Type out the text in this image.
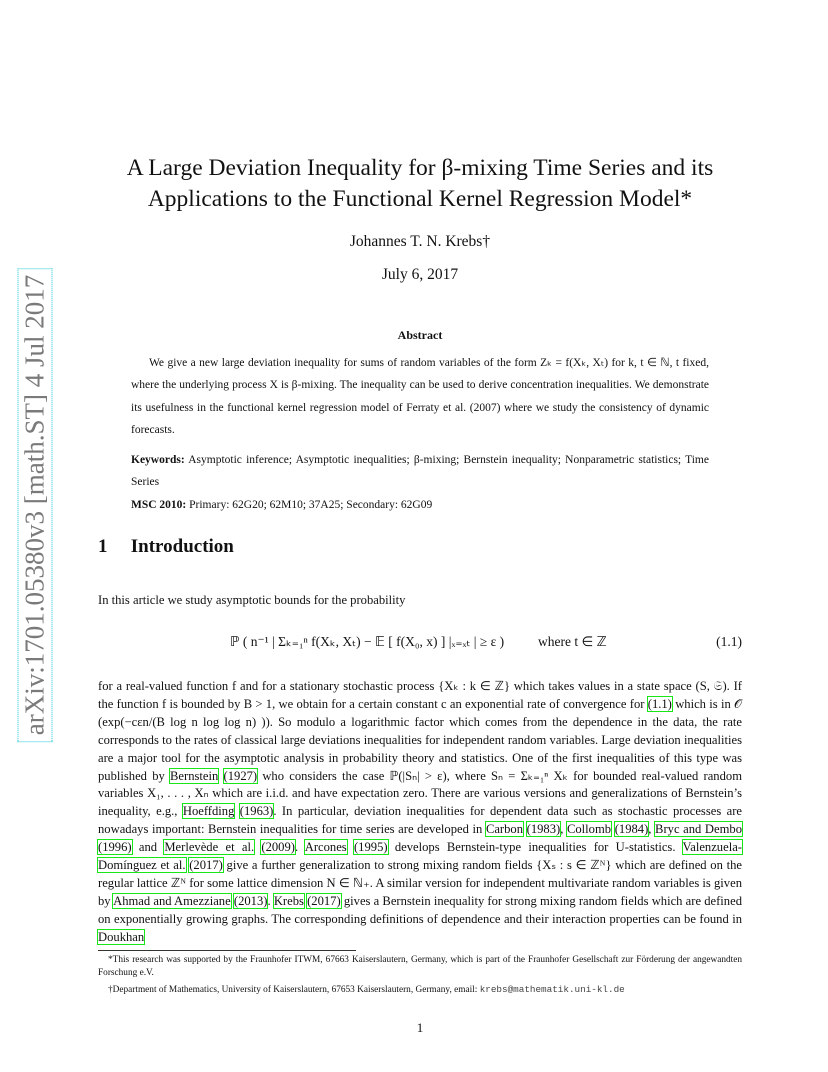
arXiv:1701.05380v3 [math.ST] 4 Jul 2017
A Large Deviation Inequality for β-mixing Time Series and its
Applications to the Functional Kernel Regression Model*
Johannes T. N. Krebs†
July 6, 2017
Abstract
We give a new large deviation inequality for sums of random variables of the form Zₖ = f(Xₖ, Xₜ) for k, t ∈ ℕ, t fixed, where the underlying process X is β-mixing. The inequality can be used to derive concentration inequalities. We demonstrate its usefulness in the functional kernel regression model of Ferraty et al. (2007) where we study the consistency of dynamic forecasts.
Keywords: Asymptotic inference; Asymptotic inequalities; β-mixing; Bernstein inequality; Nonparametric statistics; Time Series
MSC 2010: Primary: 62G20; 62M10; 37A25; Secondary: 62G09
1 Introduction
In this article we study asymptotic bounds for the probability
ℙ ( n⁻¹ | Σₖ₌₁ⁿ f(Xₖ, Xₜ) − 𝔼 [ f(X₀, x) ] |ₓ₌ₓₜ | ≥ ε )	where t ∈ ℤ	(1.1)
for a real-valued function f and for a stationary stochastic process {Xₖ : k ∈ ℤ} which takes values in a state space (S, 𝔖). If the function f is bounded by B > 1, we obtain for a certain constant c an exponential rate of convergence for (1.1) which is in 𝒪 (exp(−cεn/(B log n log log n) )). So modulo a logarithmic factor which comes from the dependence in the data, the rate corresponds to the rates of classical large deviations inequalities for independent random variables. Large deviation inequalities are a major tool for the asymptotic analysis in probability theory and statistics. One of the first inequalities of this type was published by Bernstein (1927) who considers the case ℙ(|Sₙ| > ε), where Sₙ = Σₖ₌₁ⁿ Xₖ for bounded real-valued random variables X₁, . . . , Xₙ which are i.i.d. and have expectation zero. There are various versions and generalizations of Bernstein’s inequality, e.g., Hoeffding (1963). In particular, deviation inequalities for dependent data such as stochastic processes are nowadays important: Bernstein inequalities for time series are developed in Carbon (1983), Collomb (1984), Bryc and Dembo (1996) and Merlevède et al. (2009). Arcones (1995) develops Bernstein-type inequalities for U-statistics. Valenzuela-Domínguez et al. (2017) give a further generalization to strong mixing random fields {Xₛ : s ∈ ℤᴺ} which are defined on the regular lattice ℤᴺ for some lattice dimension N ∈ ℕ₊. A similar version for independent multivariate random variables is given by Ahmad and Amezziane (2013). Krebs (2017) gives a Bernstein inequality for strong mixing random fields which are defined on exponentially growing graphs. The corresponding definitions of dependence and their interaction properties can be found in Doukhan
*This research was supported by the Fraunhofer ITWM, 67663 Kaiserslautern, Germany, which is part of the Fraunhofer Gesellschaft zur Förderung der angewandten Forschung e.V.
†Department of Mathematics, University of Kaiserslautern, 67653 Kaiserslautern, Germany, email: krebs@mathematik.uni-kl.de
1
